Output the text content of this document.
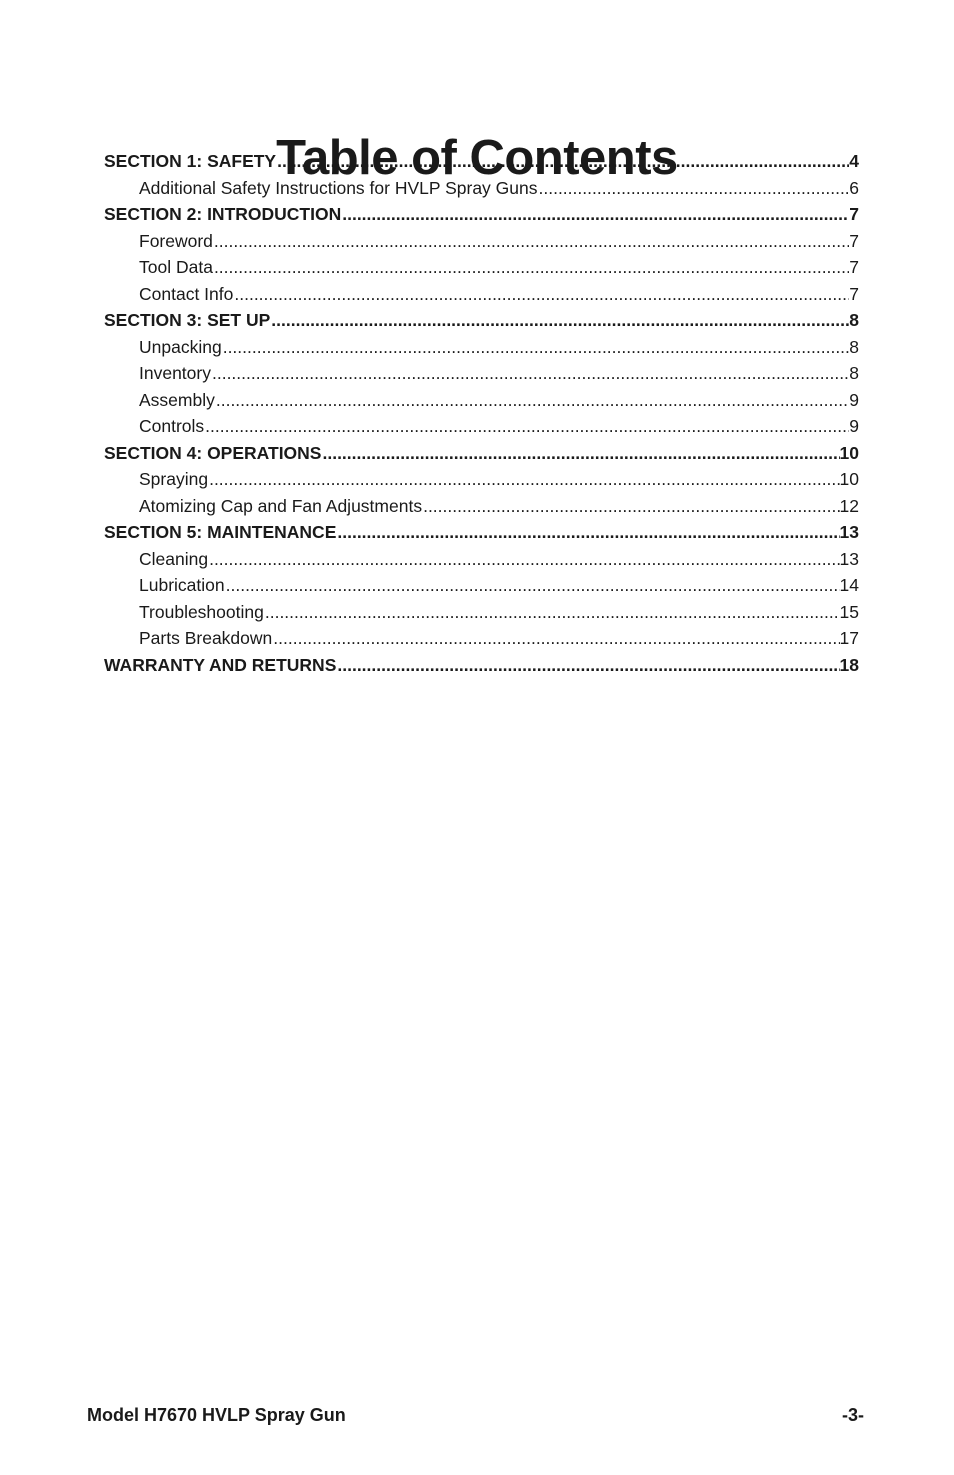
Table of Contents
SECTION 1: SAFETY .....	4
Additional Safety Instructions for HVLP Spray Guns .....	6
SECTION 2: INTRODUCTION .....	7
Foreword .....	7
Tool Data .....	7
Contact Info .....	7
SECTION 3: SET UP .....	8
Unpacking .....	8
Inventory .....	8
Assembly .....	9
Controls .....	9
SECTION 4: OPERATIONS .....	10
Spraying .....	10
Atomizing Cap and Fan Adjustments .....	12
SECTION 5: MAINTENANCE .....	13
Cleaning .....	13
Lubrication .....	14
Troubleshooting .....	15
Parts Breakdown .....	17
WARRANTY AND RETURNS .....	18
Model H7670 HVLP Spray Gun	-3-
